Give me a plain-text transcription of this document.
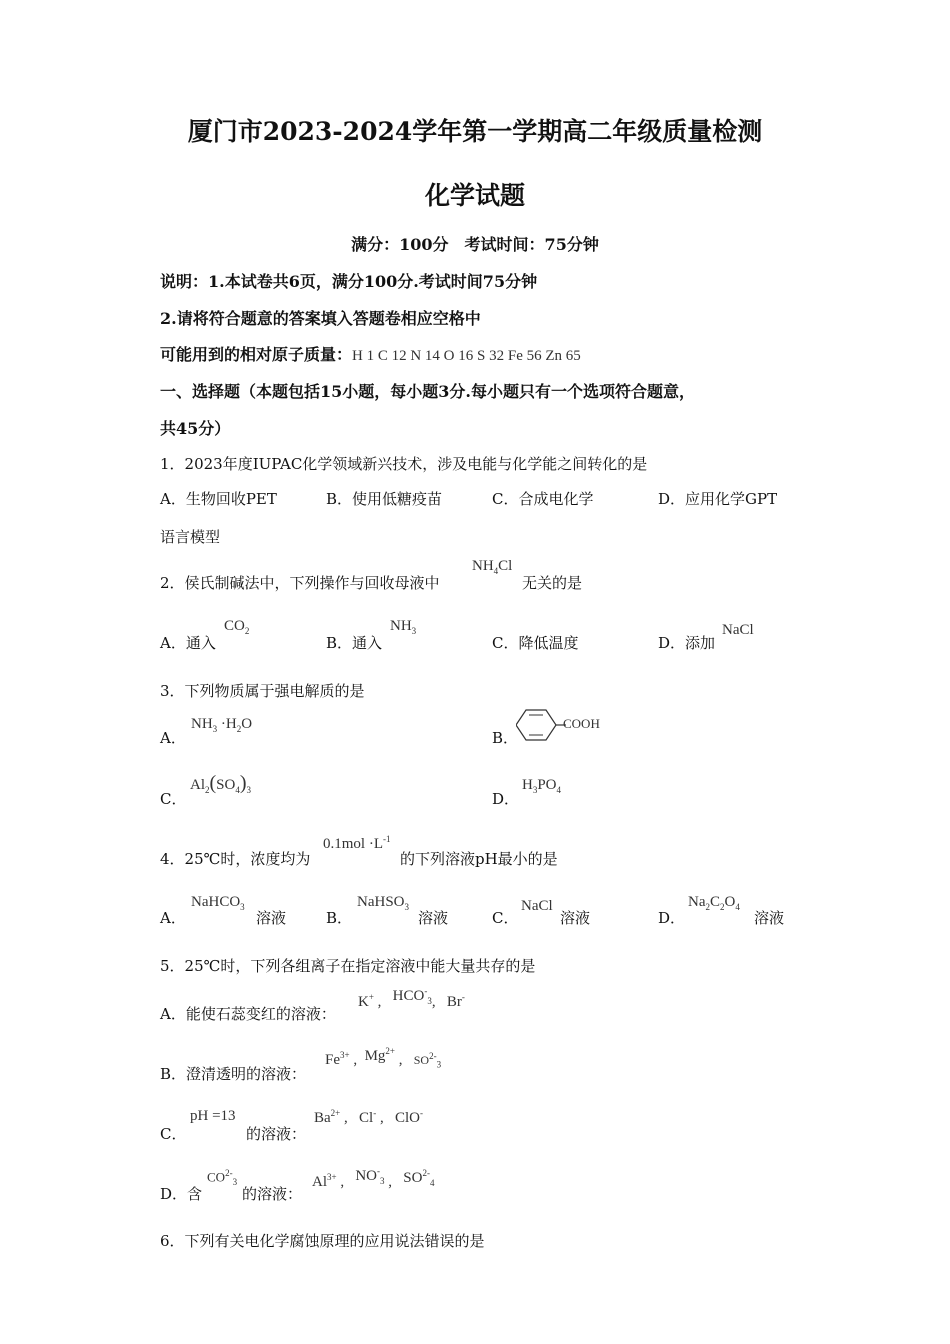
厦门市2023-2024学年第一学期高二年级质量检测
化学试题
满分：100分　考试时间：75分钟
说明：1.本试卷共6页，满分100分.考试时间75分钟
2.请将符合题意的答案填入答题卷相应空格中
可能用到的相对原子质量：H 1 C 12 N 14 O 16 S 32 Fe 56 Zn 65
一、选择题（本题包括15小题，每小题3分.每小题只有一个选项符合题意，
共45分）
1．2023年度IUPAC化学领域新兴技术，涉及电能与化学能之间转化的是
A．生物回收PET	B．使用低糖疫苗	C．合成电化学	D．应用化学GPT
语言模型
2．侯氏制碱法中，下列操作与回收母液中
$NH_4Cl$
无关的是
A．通入
$CO_2$
B．通入
$NH_3$
C．降低温度	D．添加
NaCl
3．下列物质属于强电解质的是
A．
$NH_3 \cdot H_2O$
B．
COOH
C．
$Al_2(SO_4)_3$	D．
$H_3PO_4$
4．25℃时，浓度均为
$0.1mol \cdot L^{-1}$
的下列溶液pH最小的是
A．
NaHCO$_3$
溶液	B．
NaHSO$_3$
溶液	C．
NaCl
溶液	D．
$Na_2C_2O_4$
溶液
5．25℃时，下列各组离子在指定溶液中能大量共存的是
A．能使石蕊变红的溶液：
K+ ,   $HCO^-_3$,   Br-
B．澄清透明的溶液：
$Fe^{3+}$ ,  $Mg^{2+}$ ,   $SO^{2-}_3$
C．
pH =13
的溶液：
$Ba^{2+}$ ,   Cl- ,   ClO-
D．含
$CO^{2-}_3$
的溶液：
$Al^{3+}$ ,   $NO^-_3$ ,   $SO^{2-}_4$
6．下列有关电化学腐蚀原理的应用说法错误的是
